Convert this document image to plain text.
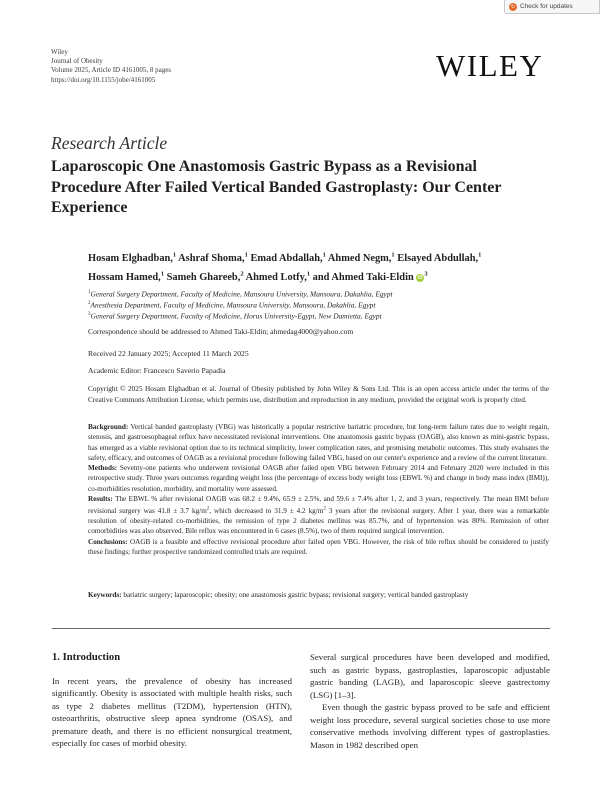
↻ Check for updates
Wiley
Journal of Obesity
Volume 2025, Article ID 4161005, 8 pages
https://doi.org/10.1155/jobe/4161005	WILEY
Research Article
Laparoscopic One Anastomosis Gastric Bypass as a Revisional Procedure After Failed Vertical Banded Gastroplasty: Our Center Experience
Hosam Elghadban,$^1$ Ashraf Shoma,$^1$ Emad Abdallah,$^1$ Ahmed Negm,$^1$ Elsayed Abdullah,$^1$
Hossam Hamed,$^1$ Sameh Ghareeb,$^2$ Ahmed Lotfy,$^1$ and Ahmed Taki-Eldin $iD^3$
$^1$General Surgery Department, Faculty of Medicine, Mansoura University, Mansoura, Dakahlia, Egypt
$^2$Anesthesia Department, Faculty of Medicine, Mansoura University, Mansoura, Dakahlia, Egypt
$^3$General Surgery Department, Faculty of Medicine, Horus University-Egypt, New Damietta, Egypt
Correspondence should be addressed to Ahmed Taki-Eldin; ahmedag4000@yahoo.com
Received 22 January 2025; Accepted 11 March 2025
Academic Editor: Francesco Saverio Papadia
Copyright © 2025 Hosam Elghadban et al. Journal of Obesity published by John Wiley & Sons Ltd. This is an open access article under the terms of the Creative Commons Attribution License, which permits use, distribution and reproduction in any medium, provided the original work is properly cited.
Background: Vertical banded gastroplasty (VBG) was historically a popular restrictive bariatric procedure, but long-term failure rates due to weight regain, stenosis, and gastroesophageal reflux have necessitated revisional interventions. One anastomosis gastric bypass (OAGB), also known as mini-gastric bypass, has emerged as a viable revisional option due to its technical simplicity, lower complication rates, and promising metabolic outcomes. This study evaluates the safety, efficacy, and outcomes of OAGB as a revisional procedure following failed VBG, based on our center's experience and a review of the current literature.
Methods: Seventy-one patients who underwent revisional OAGB after failed open VBG between February 2014 and February 2020 were included in this retrospective study. Three years outcomes regarding weight loss (the percentage of excess body weight loss (EBWL %) and change in body mass index (BMI)), co-morbidities resolution, morbidity, and mortality were assessed.
Results: The EBWL % after revisional OAGB was 68.2 ± 9.4%, 65.9 ± 2.5%, and 59.6 ± 7.4% after 1, 2, and 3 years, respectively. The mean BMI before revisional surgery was 41.8 ± 3.7 $kg/m^2$, which decreased to 31.9 ± 4.2 $kg/m^2$ 3 years after the revisional surgery. After 1 year, there was a remarkable resolution of obesity-related co-morbidities, the remission of type 2 diabetes mellitus was 85.7%, and of hypertension was 80%. Remission of other comorbidities was also observed. Bile reflux was encountered in 6 cases (8.5%), two of them required surgical intervention.
Conclusions: OAGB is a feasible and effective revisional procedure after failed open VBG. However, the risk of bile reflux should be considered to justify these findings; further prospective randomized controlled trials are required.
Keywords: bariatric surgery; laparoscopic; obesity; one anastomosis gastric bypass; revisional surgery; vertical banded gastroplasty
1. Introduction

In recent years, the prevalence of obesity has increased significantly. Obesity is associated with multiple health risks, such as type 2 diabetes mellitus (T2DM), hypertension (HTN), osteoarthritis, obstructive sleep apnea syndrome (OSAS), and premature death, and there is no efficient nonsurgical treatment, especially for cases of morbid obesity.

Several surgical procedures have been developed and modified, such as gastric bypass, gastroplasties, laparoscopic adjustable gastric banding (LAGB), and laparoscopic sleeve gastrectomy (LSG) [1–3].

Even though the gastric bypass proved to be safe and efficient weight loss procedure, several surgical societies chose to use more conservative methods involving different types of gastroplasties. Mason in 1982 described open
